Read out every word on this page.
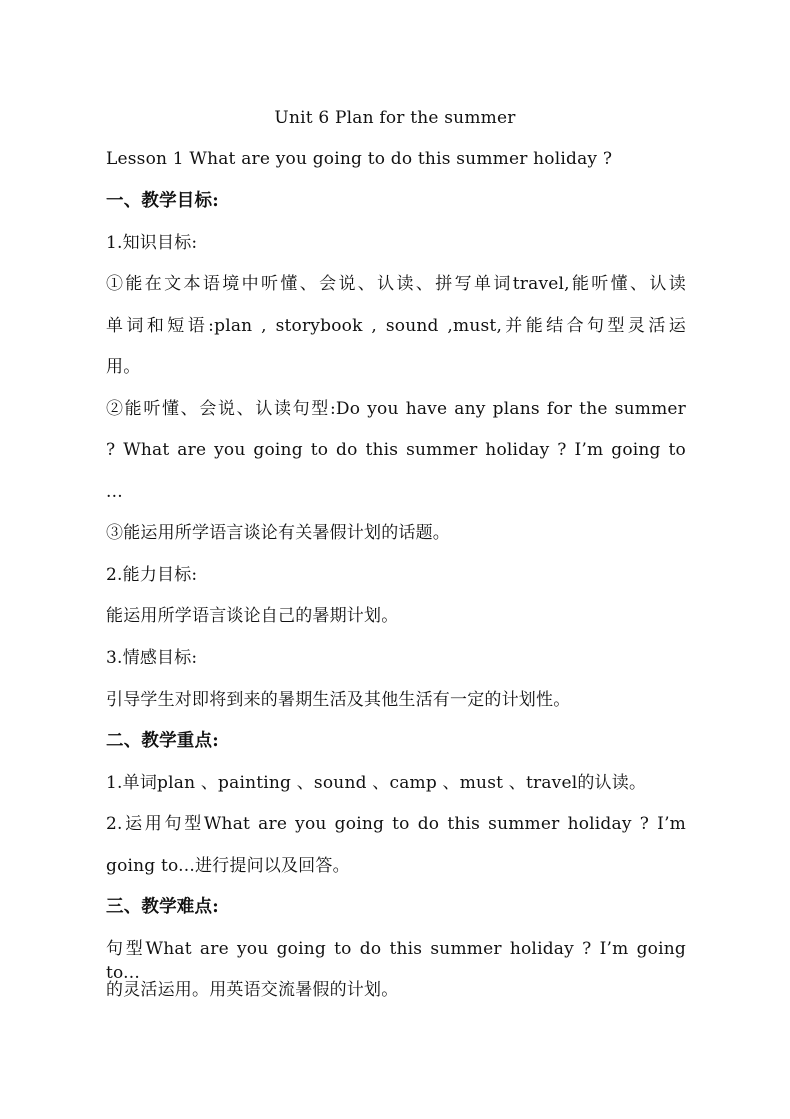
Unit 6 Plan for the summer
Lesson 1 What are you going to do this summer holiday ?
一、教学目标:
1.知识目标:
①能在文本语境中听懂、会说、认读、拼写单词travel,能听懂、认读
单词和短语:plan , storybook , sound ,must,并能结合句型灵活运
用。
②能听懂、会说、认读句型:Do you have any plans for the summer
? What are you going to do this summer holiday ? I’m going to
...
③能运用所学语言谈论有关暑假计划的话题。
2.能力目标:
能运用所学语言谈论自己的暑期计划。
3.情感目标:
引导学生对即将到来的暑期生活及其他生活有一定的计划性。
二、教学重点:
1.单词plan 、painting 、sound 、camp 、must 、travel的认读。
2.运用句型What are you going to do this summer holiday ? I’m
going to...进行提问以及回答。
三、教学难点:
句型What are you going to do this summer holiday ? I’m going to...
的灵活运用。用英语交流暑假的计划。
